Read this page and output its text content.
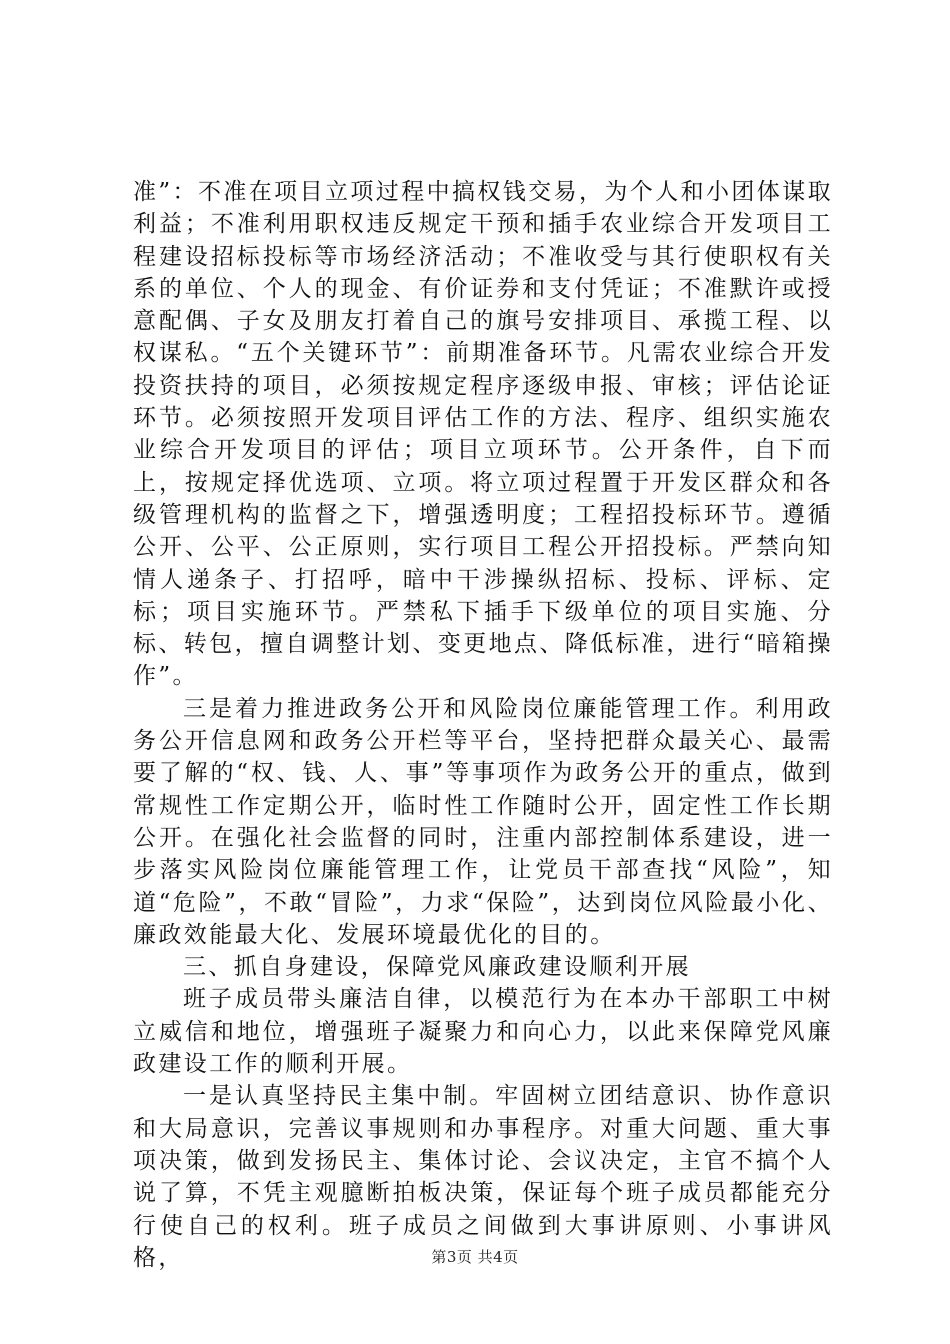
准”：不准在项目立项过程中搞权钱交易，为个人和小团体谋取利益；不准利用职权违反规定干预和插手农业综合开发项目工程建设招标投标等市场经济活动；不准收受与其行使职权有关系的单位、个人的现金、有价证券和支付凭证；不准默许或授意配偶、子女及朋友打着自己的旗号安排项目、承揽工程、以权谋私。“五个关键环节”：前期准备环节。凡需农业综合开发投资扶持的项目，必须按规定程序逐级申报、审核；评估论证环节。必须按照开发项目评估工作的方法、程序、组织实施农业综合开发项目的评估；项目立项环节。公开条件，自下而上，按规定择优选项、立项。将立项过程置于开发区群众和各级管理机构的监督之下，增强透明度；工程招投标环节。遵循公开、公平、公正原则，实行项目工程公开招投标。严禁向知情人递条子、打招呼，暗中干涉操纵招标、投标、评标、定标；项目实施环节。严禁私下插手下级单位的项目实施、分标、转包，擅自调整计划、变更地点、降低标准，进行“暗箱操作”。

三是着力推进政务公开和风险岗位廉能管理工作。利用政务公开信息网和政务公开栏等平台，坚持把群众最关心、最需要了解的“权、钱、人、事”等事项作为政务公开的重点，做到常规性工作定期公开，临时性工作随时公开，固定性工作长期公开。在强化社会监督的同时，注重内部控制体系建设，进一步落实风险岗位廉能管理工作，让党员干部查找“风险”，知道“危险”，不敢“冒险”，力求“保险”，达到岗位风险最小化、廉政效能最大化、发展环境最优化的目的。

三、抓自身建设，保障党风廉政建设顺利开展

班子成员带头廉洁自律，以模范行为在本办干部职工中树立威信和地位，增强班子凝聚力和向心力，以此来保障党风廉政建设工作的顺利开展。

一是认真坚持民主集中制。牢固树立团结意识、协作意识和大局意识，完善议事规则和办事程序。对重大问题、重大事项决策，做到发扬民主、集体讨论、会议决定，主官不搞个人说了算，不凭主观臆断拍板决策，保证每个班子成员都能充分行使自己的权利。班子成员之间做到大事讲原则、小事讲风格，	第3页 共4页
